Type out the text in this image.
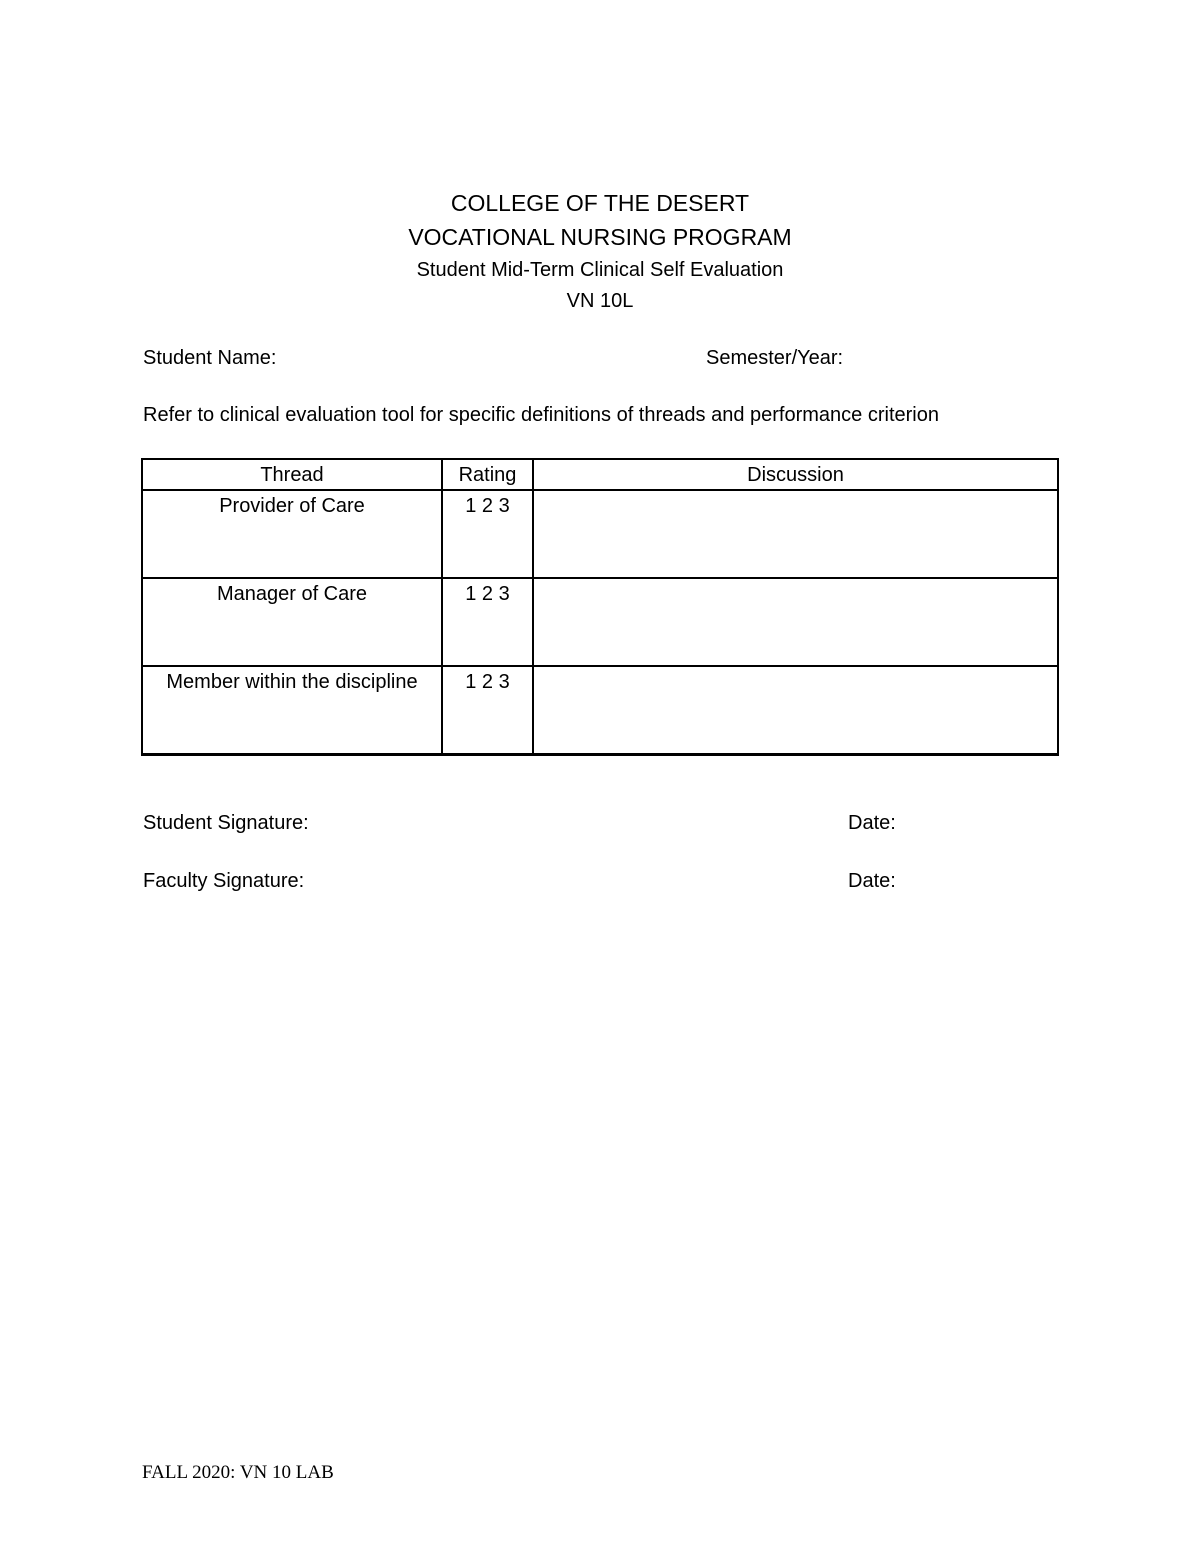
COLLEGE OF THE DESERT
VOCATIONAL NURSING PROGRAM
Student Mid-Term Clinical Self Evaluation
VN 10L
Student Name:	Semester/Year:
Refer to clinical evaluation tool for specific definitions of threads and performance criterion
Thread	Rating	Discussion
Provider of Care	1 2 3	
Manager of Care	1 2 3	
Member within the discipline	1 2 3	
Student Signature:	Date:
Faculty Signature:	Date:
FALL 2020: VN 10 LAB
